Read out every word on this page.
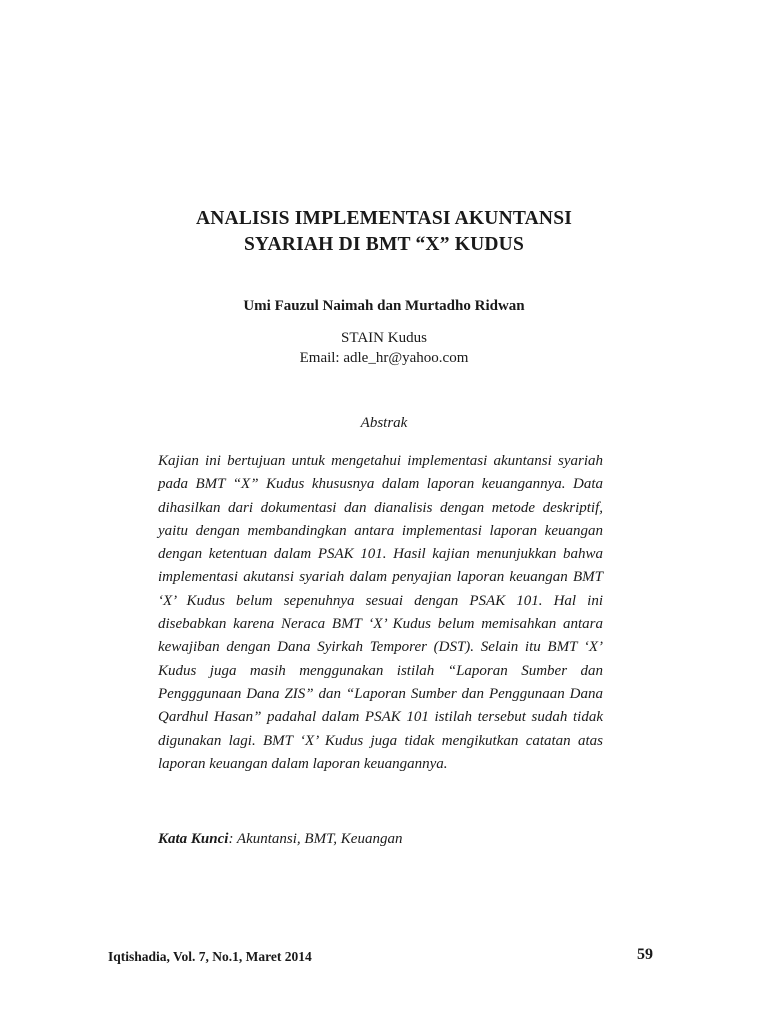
ANALISIS IMPLEMENTASI AKUNTANSI
SYARIAH DI BMT “X” KUDUS
Umi Fauzul Naimah dan Murtadho Ridwan
STAIN Kudus
Email: adle_hr@yahoo.com
Abstrak

Kajian ini bertujuan untuk mengetahui implementasi akuntansi syariah pada BMT “X” Kudus khususnya dalam laporan keuangannya. Data dihasilkan dari dokumentasi dan dianalisis dengan metode deskriptif, yaitu dengan membandingkan antara implementasi laporan keuangan dengan ketentuan dalam PSAK 101. Hasil kajian menunjukkan bahwa implementasi akutansi syariah dalam penyajian laporan keuangan BMT ‘X’ Kudus belum sepenuhnya sesuai dengan PSAK 101. Hal ini disebabkan karena Neraca BMT ‘X’ Kudus belum memisahkan antara kewajiban dengan Dana Syirkah Temporer (DST). Selain itu BMT ‘X’ Kudus juga masih menggunakan istilah “Laporan Sumber dan Pengggunaan Dana ZIS” dan “Laporan Sumber dan Penggunaan Dana Qardhul Hasan” padahal dalam PSAK 101 istilah tersebut sudah tidak digunakan lagi. BMT ‘X’ Kudus juga tidak mengikutkan catatan atas laporan keuangan dalam laporan keuangannya.

Kata Kunci: Akuntansi, BMT, Keuangan
Iqtishadia, Vol. 7, No.1, Maret 2014	59
